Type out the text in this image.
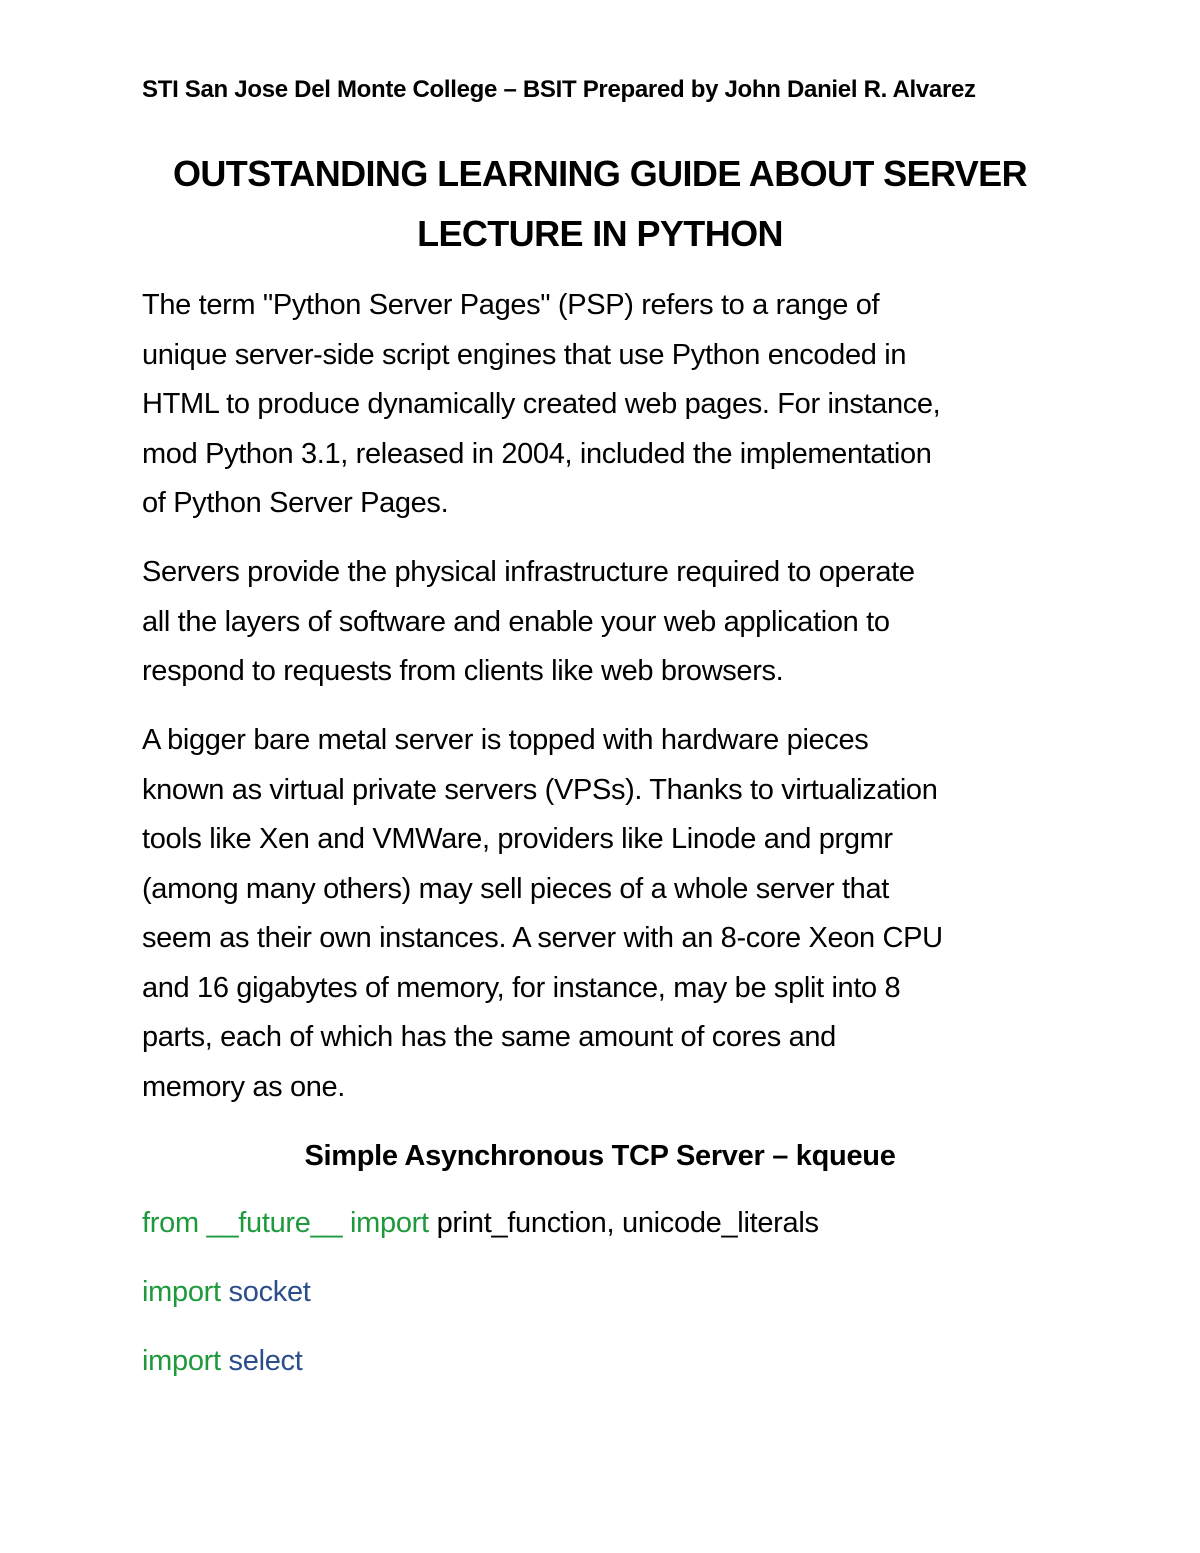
STI San Jose Del Monte College – BSIT Prepared by John Daniel R. Alvarez
OUTSTANDING LEARNING GUIDE ABOUT SERVER
LECTURE IN PYTHON
The term "Python Server Pages" (PSP) refers to a range of
unique server-side script engines that use Python encoded in
HTML to produce dynamically created web pages. For instance,
mod Python 3.1, released in 2004, included the implementation
of Python Server Pages.
Servers provide the physical infrastructure required to operate
all the layers of software and enable your web application to
respond to requests from clients like web browsers.
A bigger bare metal server is topped with hardware pieces
known as virtual private servers (VPSs). Thanks to virtualization
tools like Xen and VMWare, providers like Linode and prgmr
(among many others) may sell pieces of a whole server that
seem as their own instances. A server with an 8-core Xeon CPU
and 16 gigabytes of memory, for instance, may be split into 8
parts, each of which has the same amount of cores and
memory as one.
Simple Asynchronous TCP Server – kqueue
from __future__ import print_function, unicode_literals
import socket
import select
